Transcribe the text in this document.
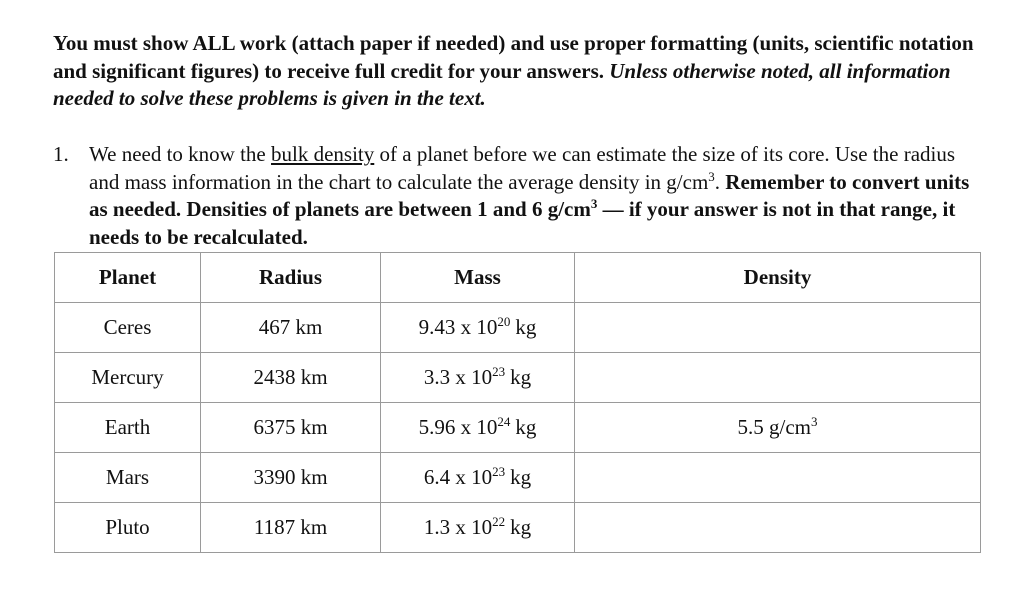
You must show ALL work (attach paper if needed) and use proper formatting (units, scientific notation and significant figures) to receive full credit for your answers. Unless otherwise noted, all information needed to solve these problems is given in the text.
1. We need to know the bulk density of a planet before we can estimate the size of its core. Use the radius and mass information in the chart to calculate the average density in $g/cm^3$. Remember to convert units as needed. Densities of planets are between 1 and 6 $g/cm^3$ — if your answer is not in that range, it needs to be recalculated.
Planet	Radius	Mass	Density
Ceres	467 km	9.43 x $10^{20}$ kg	
Mercury	2438 km	3.3 x $10^{23}$ kg	
Earth	6375 km	5.96 x $10^{24}$ kg	5.5 $g/cm^3$
Mars	3390 km	6.4 x $10^{23}$ kg	
Pluto	1187 km	1.3 x $10^{22}$ kg	
